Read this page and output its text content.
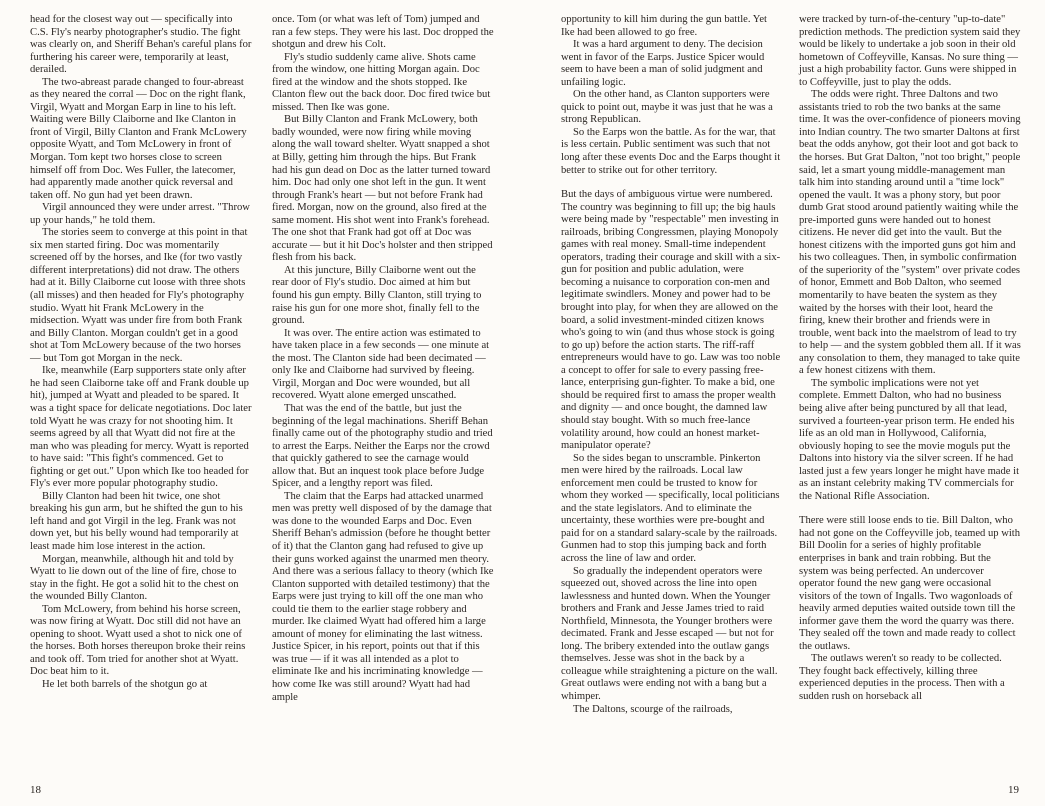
head for the closest way out — specifically into C.S. Fly's nearby photographer's studio. The fight was clearly on, and Sheriff Behan's careful plans for furthering his career were, temporarily at least, derailed.

The two-abreast parade changed to four-abreast as they neared the corral — Doc on the right flank, Virgil, Wyatt and Morgan Earp in line to his left. Waiting were Billy Claiborne and Ike Clanton in front of Virgil, Billy Clanton and Frank McLowery opposite Wyatt, and Tom McLowery in front of Morgan. Tom kept two horses close to screen himself off from Doc. Wes Fuller, the latecomer, had apparently made another quick reversal and taken off. No gun had yet been drawn.

Virgil announced they were under arrest. "Throw up your hands," he told them.

The stories seem to converge at this point in that six men started firing. Doc was momentarily screened off by the horses, and Ike (for two vastly different interpretations) did not draw. The others had at it. Billy Claiborne cut loose with three shots (all misses) and then headed for Fly's photography studio. Wyatt hit Frank McLowery in the midsection. Wyatt was under fire from both Frank and Billy Clanton. Morgan couldn't get in a good shot at Tom McLowery because of the two horses — but Tom got Morgan in the neck.

Ike, meanwhile (Earp supporters state only after he had seen Claiborne take off and Frank double up hit), jumped at Wyatt and pleaded to be spared. It was a tight space for delicate negotiations. Doc later told Wyatt he was crazy for not shooting him. It seems agreed by all that Wyatt did not fire at the man who was pleading for mercy. Wyatt is reported to have said: "This fight's commenced. Get to fighting or get out." Upon which Ike too headed for Fly's ever more popular photography studio.

Billy Clanton had been hit twice, one shot breaking his gun arm, but he shifted the gun to his left hand and got Virgil in the leg. Frank was not down yet, but his belly wound had temporarily at least made him lose interest in the action.

Morgan, meanwhile, although hit and told by Wyatt to lie down out of the line of fire, chose to stay in the fight. He got a solid hit to the chest on the wounded Billy Clanton.

Tom McLowery, from behind his horse screen, was now firing at Wyatt. Doc still did not have an opening to shoot. Wyatt used a shot to nick one of the horses. Both horses thereupon broke their reins and took off. Tom tried for another shot at Wyatt. Doc beat him to it.

He let both barrels of the shotgun go at

once. Tom (or what was left of Tom) jumped and ran a few steps. They were his last. Doc dropped the shotgun and drew his Colt.

Fly's studio suddenly came alive. Shots came from the window, one hitting Morgan again. Doc fired at the window and the shots stopped. Ike Clanton flew out the back door. Doc fired twice but missed. Then Ike was gone.

But Billy Clanton and Frank McLowery, both badly wounded, were now firing while moving along the wall toward shelter. Wyatt snapped a shot at Billy, getting him through the hips. But Frank had his gun dead on Doc as the latter turned toward him. Doc had only one shot left in the gun. It went through Frank's heart — but not before Frank had fired. Morgan, now on the ground, also fired at the same moment. His shot went into Frank's forehead. The one shot that Frank had got off at Doc was accurate — but it hit Doc's holster and then stripped flesh from his back.

At this juncture, Billy Claiborne went out the rear door of Fly's studio. Doc aimed at him but found his gun empty. Billy Clanton, still trying to raise his gun for one more shot, finally fell to the ground.

It was over. The entire action was estimated to have taken place in a few seconds — one minute at the most. The Clanton side had been decimated — only Ike and Claiborne had survived by fleeing. Virgil, Morgan and Doc were wounded, but all recovered. Wyatt alone emerged unscathed.

That was the end of the battle, but just the beginning of the legal machinations. Sheriff Behan finally came out of the photography studio and tried to arrest the Earps. Neither the Earps nor the crowd that quickly gathered to see the carnage would allow that. But an inquest took place before Judge Spicer, and a lengthy report was filed.

The claim that the Earps had attacked unarmed men was pretty well disposed of by the damage that was done to the wounded Earps and Doc. Even Sheriff Behan's admission (before he thought better of it) that the Clanton gang had refused to give up their guns worked against the unarmed men theory. And there was a serious fallacy to theory (which Ike Clanton supported with detailed testimony) that the Earps were just trying to kill off the one man who could tie them to the earlier stage robbery and murder. Ike claimed Wyatt had offered him a large amount of money for eliminating the last witness. Justice Spicer, in his report, points out that if this was true — if it was all intended as a plot to eliminate Ike and his incriminating knowledge — how come Ike was still around? Wyatt had had ample

opportunity to kill him during the gun battle. Yet Ike had been allowed to go free.

It was a hard argument to deny. The decision went in favor of the Earps. Justice Spicer would seem to have been a man of solid judgment and unfailing logic.

On the other hand, as Clanton supporters were quick to point out, maybe it was just that he was a strong Republican.

So the Earps won the battle. As for the war, that is less certain. Public sentiment was such that not long after these events Doc and the Earps thought it better to strike out for other territory.

But the days of ambiguous virtue were numbered. The country was beginning to fill up; the big hauls were being made by "respectable" men investing in railroads, bribing Congressmen, playing Monopoly games with real money. Small-time independent operators, trading their courage and skill with a six-gun for position and public adulation, were becoming a nuisance to corporation con-men and legitimate swindlers. Money and power had to be brought into play, for when they are allowed on the board, a solid investment-minded citizen knows who's going to win (and thus whose stock is going to go up) before the action starts. The riff-raff entrepreneurs would have to go. Law was too noble a concept to offer for sale to every passing free-lance, enterprising gun-fighter. To make a bid, one should be required first to amass the proper wealth and dignity — and once bought, the damned law should stay bought. With so much free-lance volatility around, how could an honest market-manipulator operate?

So the sides began to unscramble. Pinkerton men were hired by the railroads. Local law enforcement men could be trusted to know for whom they worked — specifically, local politicians and the state legislators. And to eliminate the uncertainty, these worthies were pre-bought and paid for on a standard salary-scale by the railroads. Gunmen had to stop this jumping back and forth across the line of law and order.

So gradually the independent operators were squeezed out, shoved across the line into open lawlessness and hunted down. When the Younger brothers and Frank and Jesse James tried to raid Northfield, Minnesota, the Younger brothers were decimated. Frank and Jesse escaped — but not for long. The bribery extended into the outlaw gangs themselves. Jesse was shot in the back by a colleague while straightening a picture on the wall. Great outlaws were ending not with a bang but a whimper.

The Daltons, scourge of the railroads,

were tracked by turn-of-the-century "up-to-date" prediction methods. The prediction system said they would be likely to undertake a job soon in their old hometown of Coffeyville, Kansas. No sure thing — just a high probability factor. Guns were shipped in to Coffeyville, just to play the odds.

The odds were right. Three Daltons and two assistants tried to rob the two banks at the same time. It was the over-confidence of pioneers moving into Indian country. The two smarter Daltons at first beat the odds anyhow, got their loot and got back to the horses. But Grat Dalton, "not too bright," people said, let a smart young middle-management man talk him into standing around until a "time lock" opened the vault. It was a phony story, but poor dumb Grat stood around patiently waiting while the pre-imported guns were handed out to honest citizens. He never did get into the vault. But the honest citizens with the imported guns got him and his two colleagues. Then, in symbolic confirmation of the superiority of the "system" over private codes of honor, Emmett and Bob Dalton, who seemed momentarily to have beaten the system as they waited by the horses with their loot, heard the firing, knew their brother and friends were in trouble, went back into the maelstrom of lead to try to help — and the system gobbled them all. If it was any consolation to them, they managed to take quite a few honest citizens with them.

The symbolic implications were not yet complete. Emmett Dalton, who had no business being alive after being punctured by all that lead, survived a fourteen-year prison term. He ended his life as an old man in Hollywood, California, obviously hoping to see the movie moguls put the Daltons into history via the silver screen. If he had lasted just a few years longer he might have made it as an instant celebrity making TV commercials for the National Rifle Association.

There were still loose ends to tie. Bill Dalton, who had not gone on the Coffeyville job, teamed up with Bill Doolin for a series of highly profitable enterprises in bank and train robbing. But the system was being perfected. An undercover operator found the new gang were occasional visitors of the town of Ingalls. Two wagonloads of heavily armed deputies waited outside town till the informer gave them the word the quarry was there. They sealed off the town and made ready to collect the outlaws.

The outlaws weren't so ready to be collected. They fought back effectively, killing three experienced deputies in the process. Then with a sudden rush on horseback all

18	19
